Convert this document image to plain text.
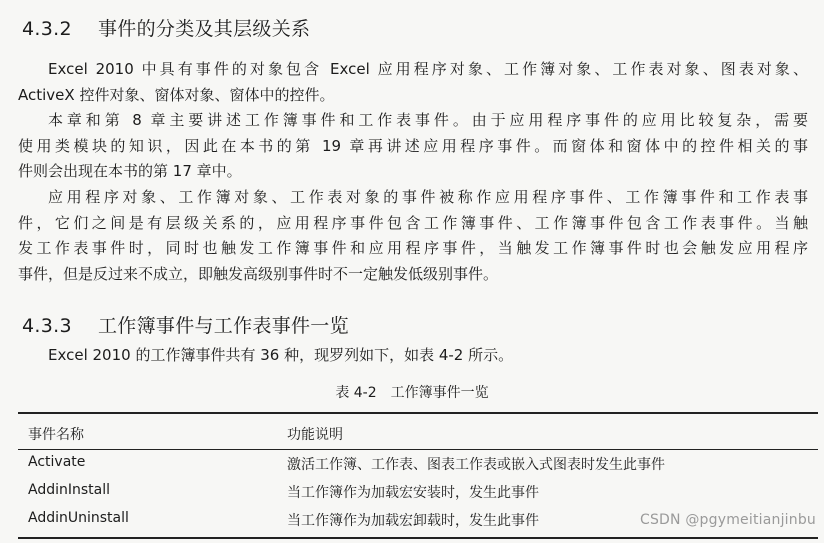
4.3.2 事件的分类及其层级关系
Excel 2010 中具有事件的对象包含 Excel 应用程序对象、工作簿对象、工作表对象、图表对象、
ActiveX 控件对象、窗体对象、窗体中的控件。
本章和第 8 章主要讲述工作簿事件和工作表事件。由于应用程序事件的应用比较复杂，需要
使用类模块的知识，因此在本书的第 19 章再讲述应用程序事件。而窗体和窗体中的控件相关的事
件则会出现在本书的第 17 章中。
应用程序对象、工作簿对象、工作表对象的事件被称作应用程序事件、工作簿事件和工作表事
件，它们之间是有层级关系的，应用程序事件包含工作簿事件、工作簿事件包含工作表事件。当触
发工作表事件时，同时也触发工作簿事件和应用程序事件，当触发工作簿事件时也会触发应用程序
事件，但是反过来不成立，即触发高级别事件时不一定触发低级别事件。
4.3.3 工作簿事件与工作表事件一览
Excel 2010 的工作簿事件共有 36 种，现罗列如下，如表 4-2 所示。
表 4-2 工作簿事件一览
事件名称	功能说明
Activate	激活工作簿、工作表、图表工作表或嵌入式图表时发生此事件
AddinInstall	当工作簿作为加载宏安装时，发生此事件
AddinUninstall	当工作簿作为加载宏卸载时，发生此事件	CSDN @pgymeitianjinbu
